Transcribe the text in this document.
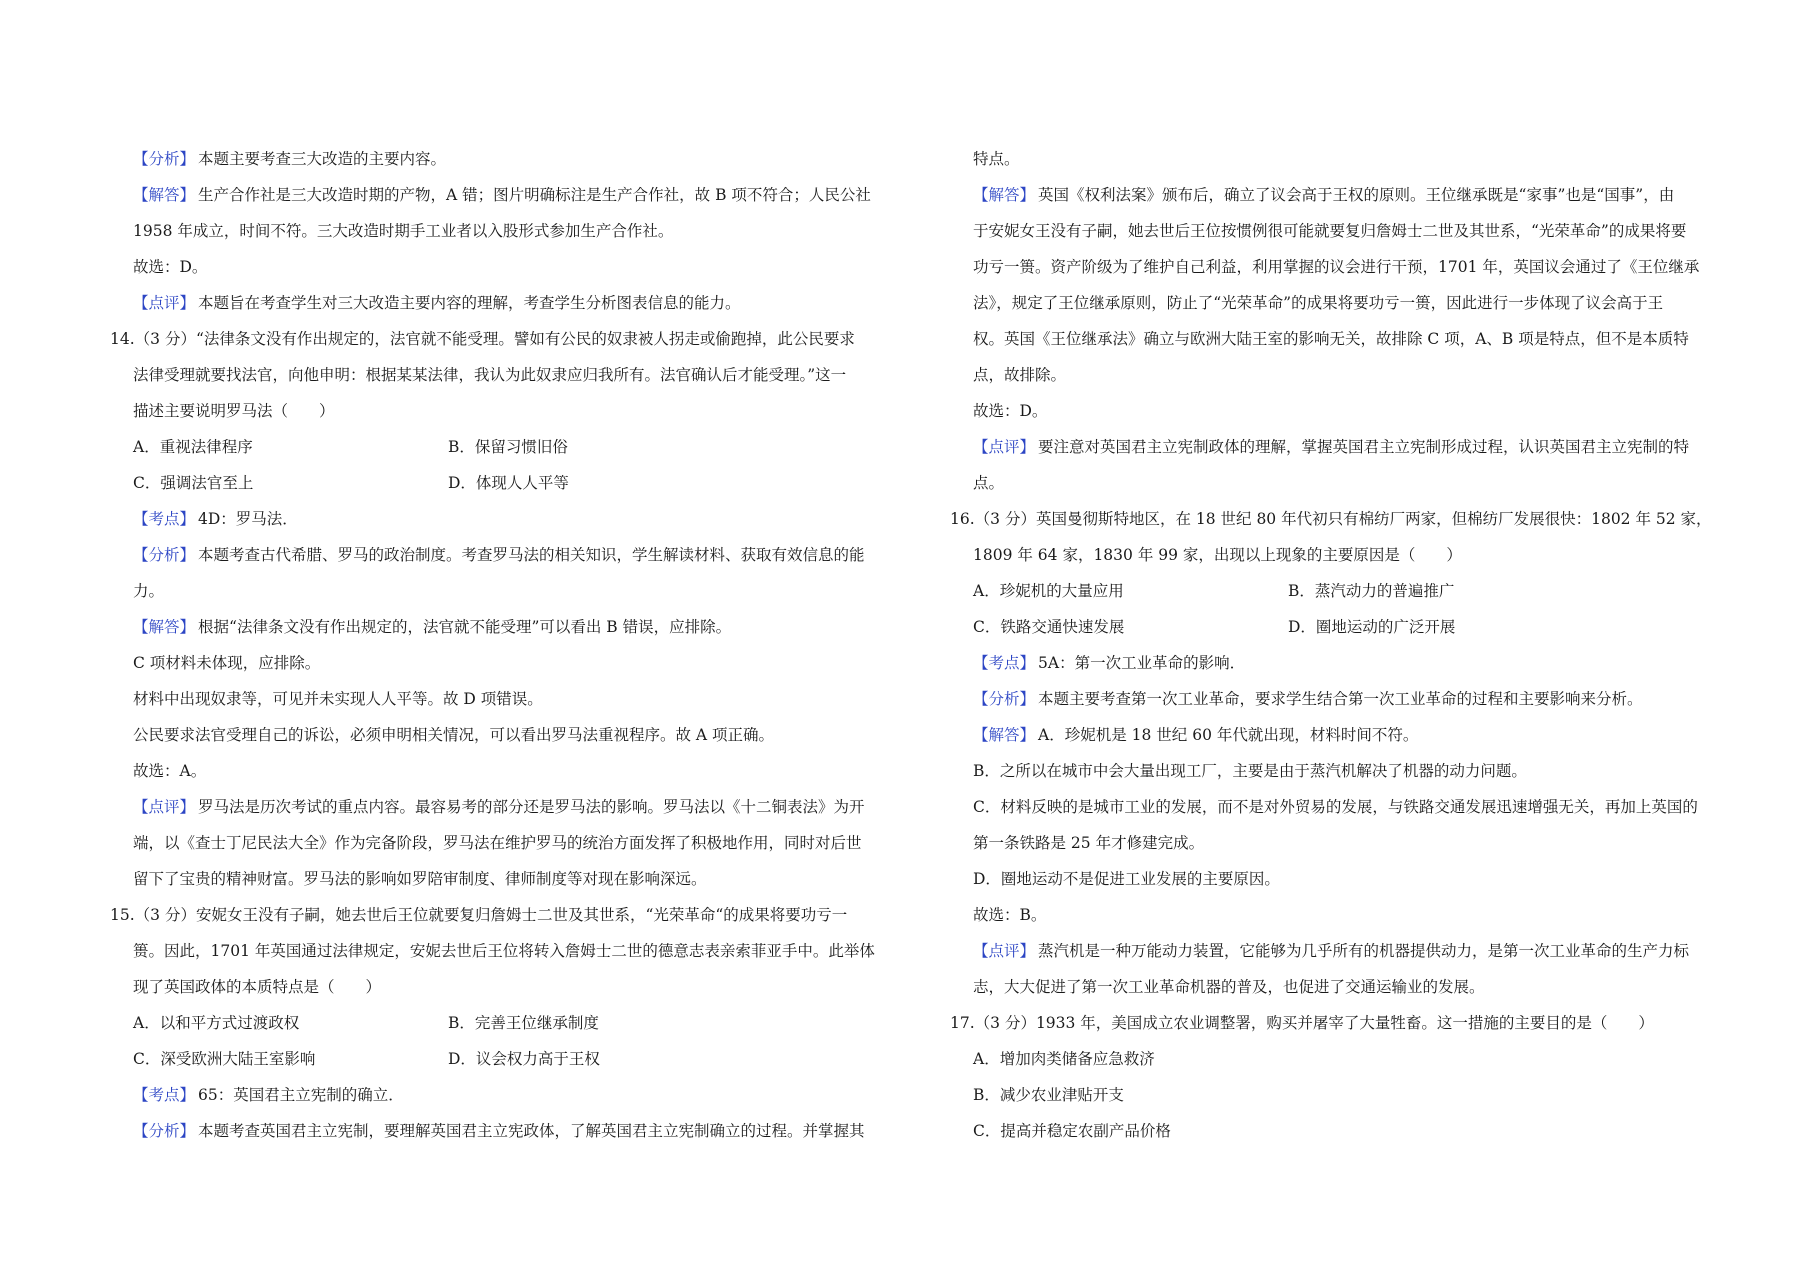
【分析】 本题主要考查三大改造的主要内容。
【解答】 生产合作社是三大改造时期的产物，A 错；图片明确标注是生产合作社，故 B 项不符合；人民公社
1958 年成立，时间不符。三大改造时期手工业者以入股形式参加生产合作社。
故选：D。
【点评】 本题旨在考查学生对三大改造主要内容的理解，考查学生分析图表信息的能力。
14.（3 分）“法律条文没有作出规定的，法官就不能受理。譬如有公民的奴隶被人拐走或偷跑掉，此公民要求
法律受理就要找法官，向他申明：根据某某法律，我认为此奴隶应归我所有。法官确认后才能受理。”这一
描述主要说明罗马法（　　）
A．重视法律程序	B．保留习惯旧俗
C．强调法官至上	D．体现人人平等
【考点】 4D：罗马法．
【分析】 本题考查古代希腊、罗马的政治制度。考查罗马法的相关知识，学生解读材料、获取有效信息的能
力。
【解答】 根据“法律条文没有作出规定的，法官就不能受理”可以看出 B 错误，应排除。
C 项材料未体现，应排除。
材料中出现奴隶等，可见并未实现人人平等。故 D 项错误。
公民要求法官受理自己的诉讼，必须申明相关情况，可以看出罗马法重视程序。故 A 项正确。
故选：A。
【点评】 罗马法是历次考试的重点内容。最容易考的部分还是罗马法的影响。罗马法以《十二铜表法》为开
端，以《查士丁尼民法大全》作为完备阶段，罗马法在维护罗马的统治方面发挥了积极地作用，同时对后世
留下了宝贵的精神财富。罗马法的影响如罗陪审制度、律师制度等对现在影响深远。
15.（3 分）安妮女王没有子嗣，她去世后王位就要复归詹姆士二世及其世系，“光荣革命“的成果将要功亏一
篑。因此，1701 年英国通过法律规定，安妮去世后王位将转入詹姆士二世的德意志表亲索菲亚手中。此举体
现了英国政体的本质特点是（　　）
A．以和平方式过渡政权	B．完善王位继承制度
C．深受欧洲大陆王室影响	D．议会权力高于王权
【考点】 65：英国君主立宪制的确立．
【分析】 本题考查英国君主立宪制，要理解英国君主立宪政体，了解英国君主立宪制确立的过程。并掌握其
特点。
【解答】 英国《权利法案》颁布后，确立了议会高于王权的原则。王位继承既是“家事”也是“国事”，由
于安妮女王没有子嗣，她去世后王位按惯例很可能就要复归詹姆士二世及其世系，“光荣革命”的成果将要
功亏一篑。资产阶级为了维护自己利益，利用掌握的议会进行干预，1701 年，英国议会通过了《王位继承
法》，规定了王位继承原则，防止了“光荣革命”的成果将要功亏一篑，因此进行一步体现了议会高于王
权。英国《王位继承法》确立与欧洲大陆王室的影响无关，故排除 C 项，A、B 项是特点，但不是本质特
点，故排除。
故选：D。
【点评】 要注意对英国君主立宪制政体的理解，掌握英国君主立宪制形成过程，认识英国君主立宪制的特
点。
16.（3 分）英国曼彻斯特地区，在 18 世纪 80 年代初只有棉纺厂两家，但棉纺厂发展很快：1802 年 52 家，
1809 年 64 家，1830 年 99 家，出现以上现象的主要原因是（　　）
A．珍妮机的大量应用	B．蒸汽动力的普遍推广
C．铁路交通快速发展	D．圈地运动的广泛开展
【考点】 5A：第一次工业革命的影响．
【分析】 本题主要考查第一次工业革命，要求学生结合第一次工业革命的过程和主要影响来分析。
【解答】 A．珍妮机是 18 世纪 60 年代就出现，材料时间不符。
B．之所以在城市中会大量出现工厂，主要是由于蒸汽机解决了机器的动力问题。
C．材料反映的是城市工业的发展，而不是对外贸易的发展，与铁路交通发展迅速增强无关，再加上英国的
第一条铁路是 25 年才修建完成。
D．圈地运动不是促进工业发展的主要原因。
故选：B。
【点评】 蒸汽机是一种万能动力装置，它能够为几乎所有的机器提供动力，是第一次工业革命的生产力标
志，大大促进了第一次工业革命机器的普及，也促进了交通运输业的发展。
17.（3 分）1933 年，美国成立农业调整署，购买并屠宰了大量牲畜。这一措施的主要目的是（　　）
A．增加肉类储备应急救济
B．减少农业津贴开支
C．提高并稳定农副产品价格
